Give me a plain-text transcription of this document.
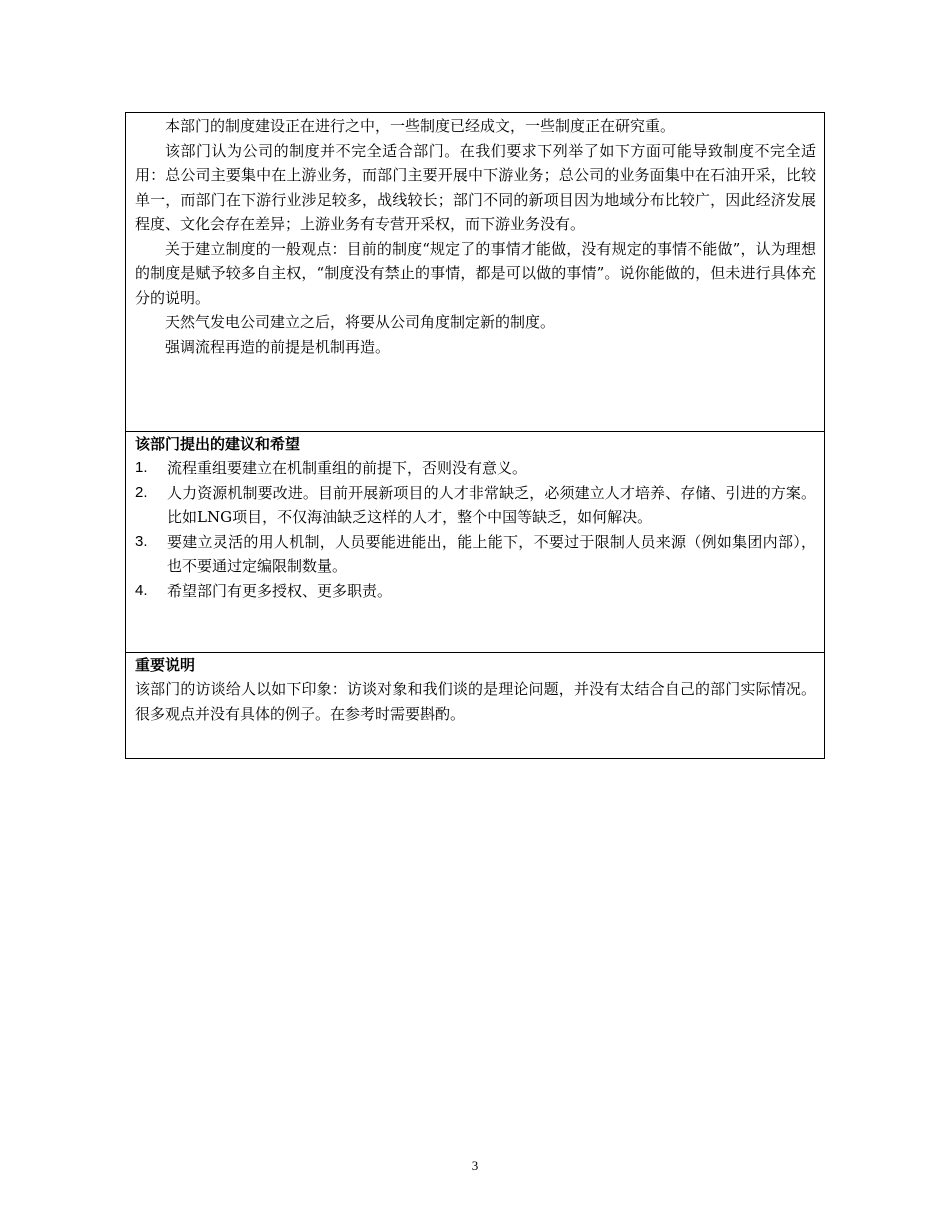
本部门的制度建设正在进行之中，一些制度已经成文，一些制度正在研究重。

该部门认为公司的制度并不完全适合部门。在我们要求下列举了如下方面可能导致制度不完全适用：总公司主要集中在上游业务，而部门主要开展中下游业务；总公司的业务面集中在石油开采，比较单一，而部门在下游行业涉足较多，战线较长；部门不同的新项目因为地域分布比较广，因此经济发展程度、文化会存在差异；上游业务有专营开采权，而下游业务没有。

关于建立制度的一般观点：目前的制度“规定了的事情才能做，没有规定的事情不能做”，认为理想的制度是赋予较多自主权，“制度没有禁止的事情，都是可以做的事情”。说你能做的，但未进行具体充分的说明。

天然气发电公司建立之后，将要从公司角度制定新的制度。

强调流程再造的前提是机制再造。

该部门提出的建议和希望

1. 流程重组要建立在机制重组的前提下，否则没有意义。
2. 人力资源机制要改进。目前开展新项目的人才非常缺乏，必须建立人才培养、存储、引进的方案。比如LNG项目，不仅海油缺乏这样的人才，整个中国等缺乏，如何解决。
3. 要建立灵活的用人机制，人员要能进能出，能上能下，不要过于限制人员来源（例如集团内部），也不要通过定编限制数量。
4. 希望部门有更多授权、更多职责。

重要说明

该部门的访谈给人以如下印象：访谈对象和我们谈的是理论问题，并没有太结合自己的部门实际情况。很多观点并没有具体的例子。在参考时需要斟酌。

3
